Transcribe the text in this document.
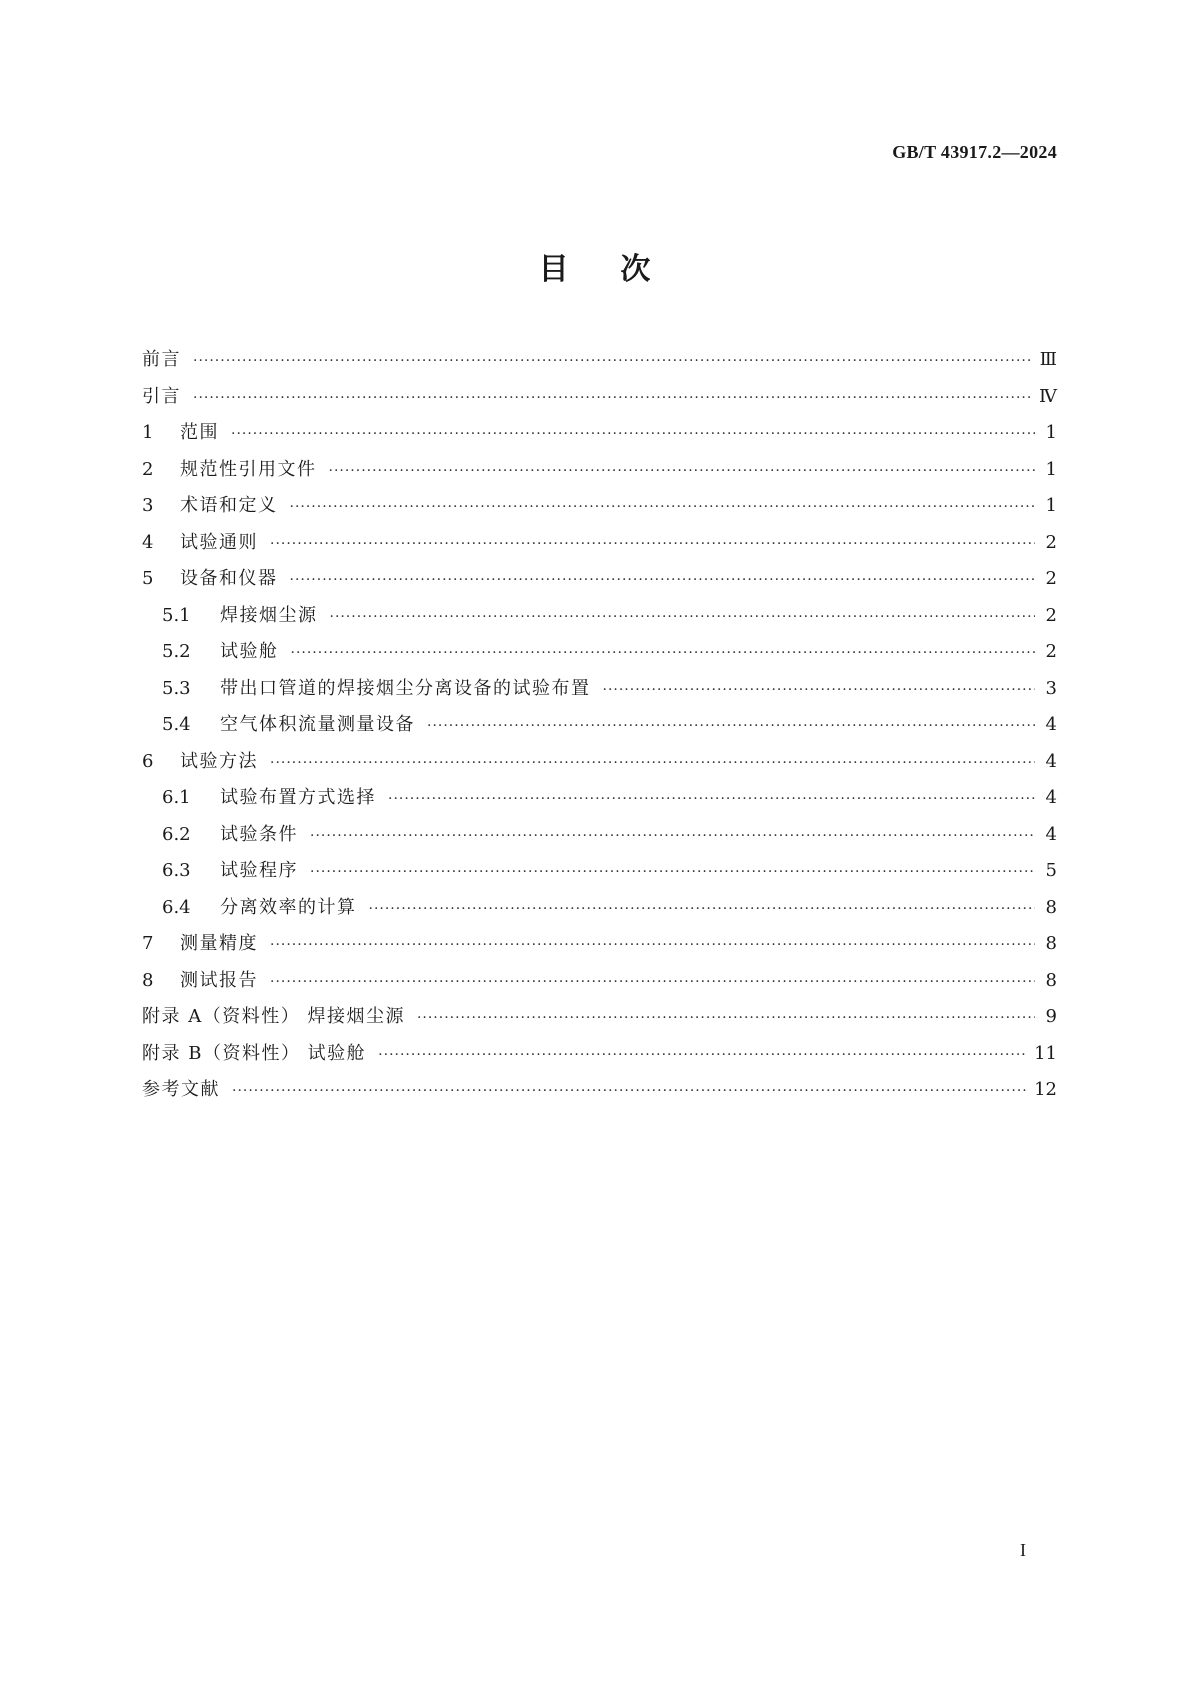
GB/T 43917.2—2024
目    次
前言 ·····	Ⅲ
引言 ·····	Ⅳ
1	范围 ·····	1
2	规范性引用文件 ·····	1
3	术语和定义 ·····	1
4	试验通则 ·····	2
5	设备和仪器 ·····	2
5.1	焊接烟尘源 ·····	2
5.2	试验舱 ·····	2
5.3	带出口管道的焊接烟尘分离设备的试验布置 ·····	3
5.4	空气体积流量测量设备 ·····	4
6	试验方法 ·····	4
6.1	试验布置方式选择 ·····	4
6.2	试验条件 ·····	4
6.3	试验程序 ·····	5
6.4	分离效率的计算 ·····	8
7	测量精度 ·····	8
8	测试报告 ·····	8
附录 A（资料性） 焊接烟尘源 ·····	9
附录 B（资料性） 试验舱 ·····	11
参考文献 ·····	12
I
